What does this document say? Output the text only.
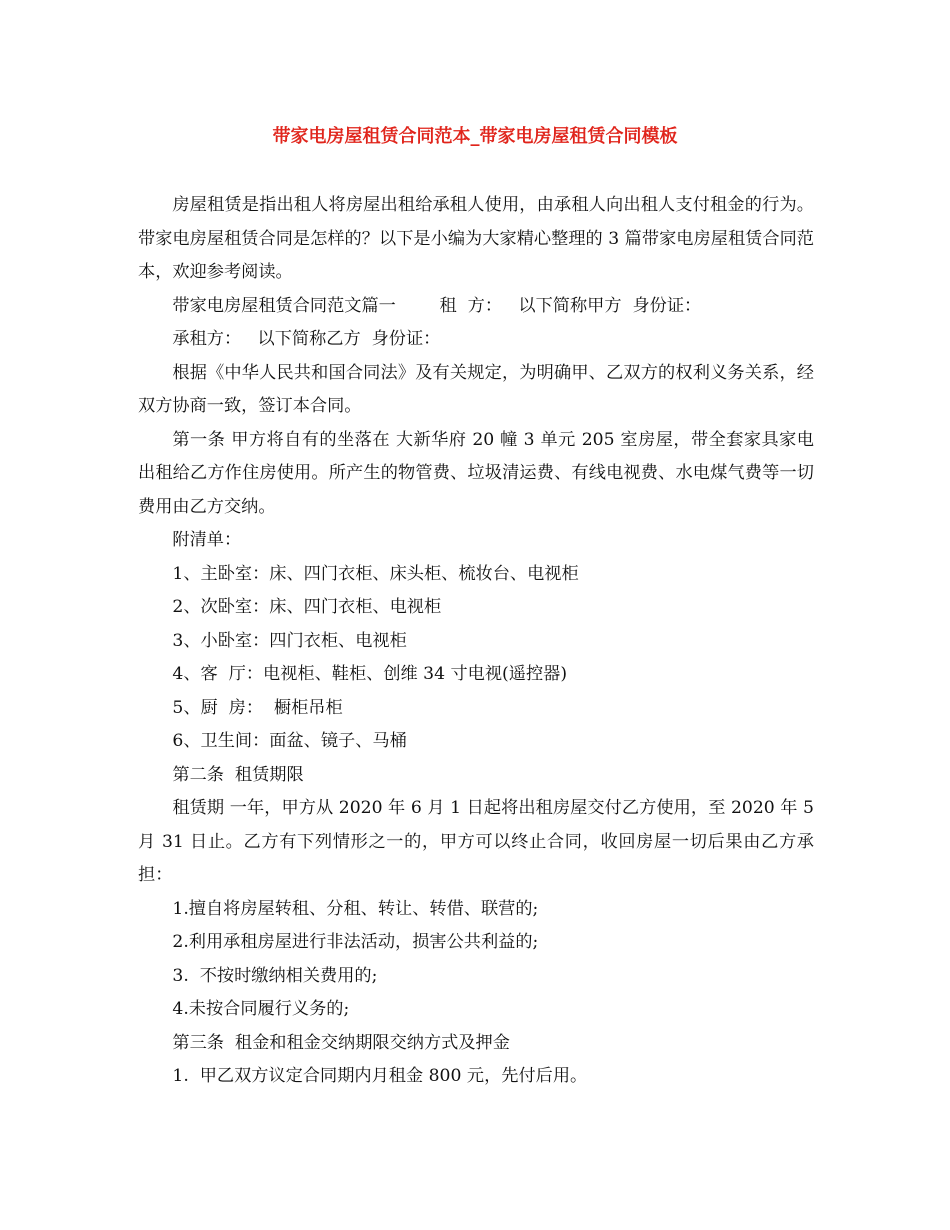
带家电房屋租赁合同范本_带家电房屋租赁合同模板

房屋租赁是指出租人将房屋出租给承租人使用，由承租人向出租人支付租金的行为。带家电房屋租赁合同是怎样的？以下是小编为大家精心整理的 3 篇带家电房屋租赁合同范本，欢迎参考阅读。

带家电房屋租赁合同范文篇一        租  方：   以下简称甲方  身份证：

承租方：   以下简称乙方  身份证：

根据《中华人民共和国合同法》及有关规定，为明确甲、乙双方的权利义务关系，经双方协商一致，签订本合同。

第一条 甲方将自有的坐落在 大新华府 20 幢 3 单元 205 室房屋，带全套家具家电出租给乙方作住房使用。所产生的物管费、垃圾清运费、有线电视费、水电煤气费等一切费用由乙方交纳。

附清单：

1、主卧室：床、四门衣柜、床头柜、梳妆台、电视柜

2、次卧室：床、四门衣柜、电视柜

3、小卧室：四门衣柜、电视柜

4、客  厅：电视柜、鞋柜、创维 34 寸电视(遥控器)

5、厨  房：  橱柜吊柜

6、卫生间：面盆、镜子、马桶

第二条  租赁期限

租赁期 一年，甲方从 2020 年 6 月 1 日起将出租房屋交付乙方使用，至 2020 年 5 月 31 日止。乙方有下列情形之一的，甲方可以终止合同，收回房屋一切后果由乙方承担：

1.擅自将房屋转租、分租、转让、转借、联营的;

2.利用承租房屋进行非法活动，损害公共利益的;

3.  不按时缴纳相关费用的;

4.未按合同履行义务的;

第三条  租金和租金交纳期限交纳方式及押金

1.  甲乙双方议定合同期内月租金 800 元，先付后用。
